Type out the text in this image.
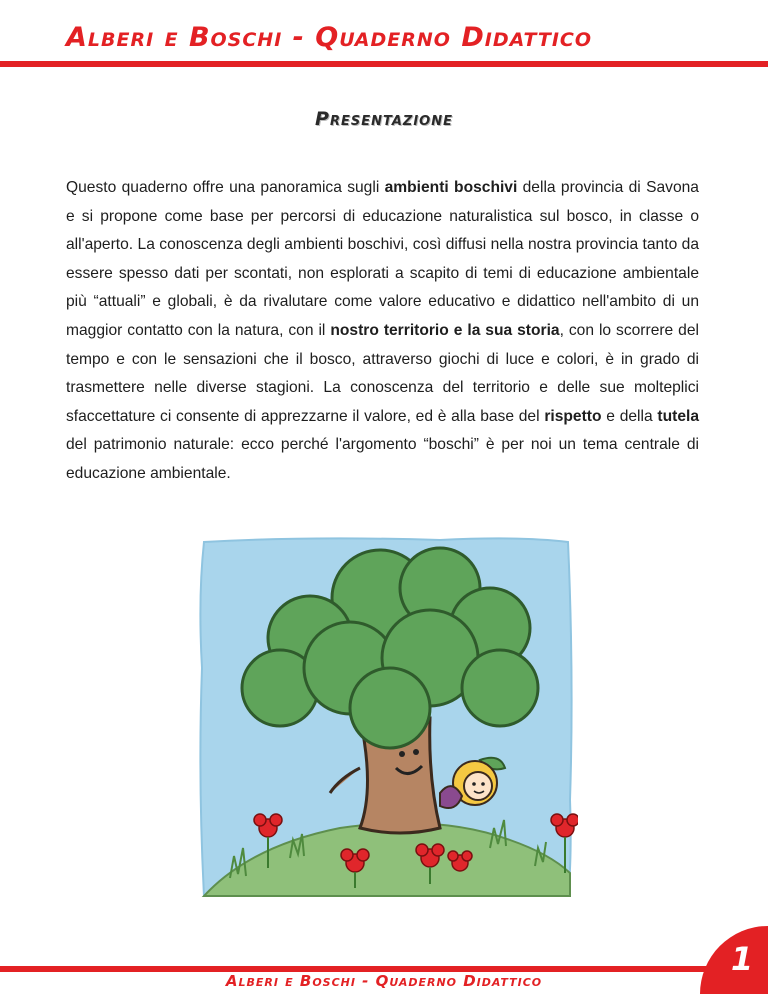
Alberi e Boschi - Quaderno Didattico
Presentazione
Questo quaderno offre una panoramica sugli ambienti boschivi della provincia di Savona e si propone come base per percorsi di educazione naturalistica sul bosco, in classe o all'aperto. La conoscenza degli ambienti boschivi, così diffusi nella nostra provincia tanto da essere spesso dati per scontati, non esplorati a scapito di temi di educazione ambientale più “attuali” e globali, è da rivalutare come valore educativo e didattico nell'ambito di un maggior contatto con la natura, con il nostro territorio e la sua storia, con lo scorrere del tempo e con le sensazioni che il bosco, attraverso giochi di luce e colori, è in grado di trasmettere nelle diverse stagioni. La conoscenza del territorio e delle sue molteplici sfaccettature ci consente di apprezzarne il valore, ed è alla base del rispetto e della tutela del patrimonio naturale: ecco perché l'argomento “boschi” è per noi un tema centrale di educazione ambientale.
Alberi e Boschi - Quaderno Didattico
1
